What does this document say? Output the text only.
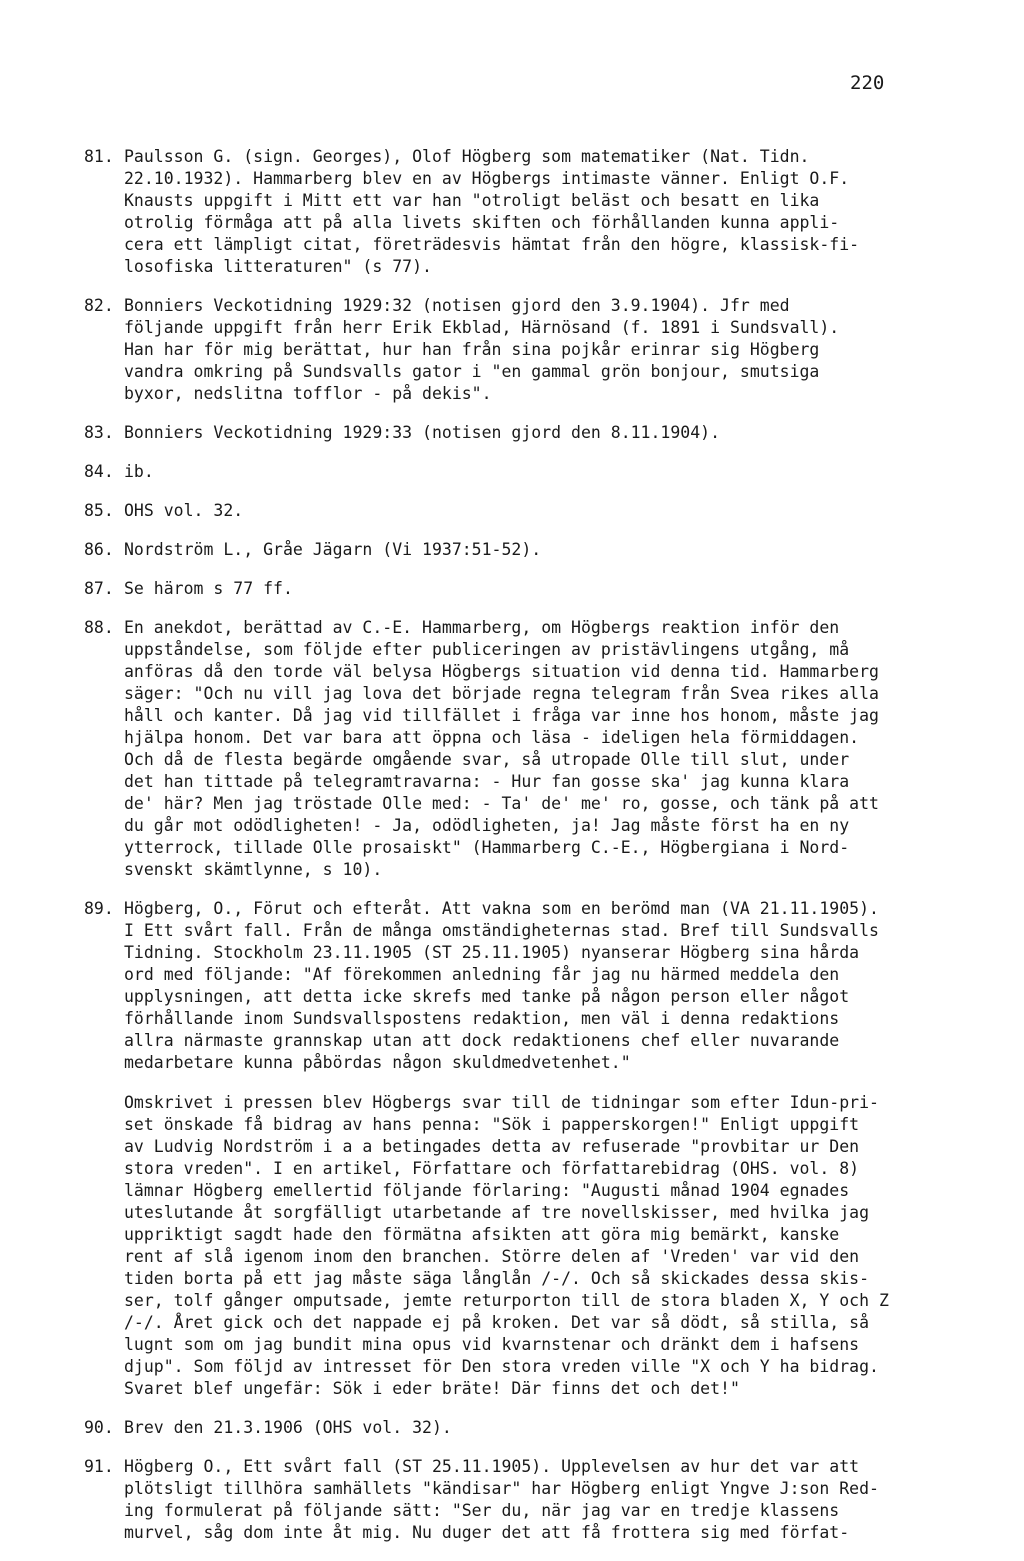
220
81. Paulsson G. (sign. Georges), Olof Högberg som matematiker (Nat. Tidn.
22.10.1932). Hammarberg blev en av Högbergs intimaste vänner. Enligt O.F.
Knausts uppgift i Mitt ett var han "otroligt beläst och besatt en lika
otrolig förmåga att på alla livets skiften och förhållanden kunna appli-
cera ett lämpligt citat, företrädesvis hämtat från den högre, klassisk-fi-
losofiska litteraturen" (s 77).
82. Bonniers Veckotidning 1929:32 (notisen gjord den 3.9.1904). Jfr med
följande uppgift från herr Erik Ekblad, Härnösand (f. 1891 i Sundsvall).
Han har för mig berättat, hur han från sina pojkår erinrar sig Högberg
vandra omkring på Sundsvalls gator i "en gammal grön bonjour, smutsiga
byxor, nedslitna tofflor - på dekis".
83. Bonniers Veckotidning 1929:33 (notisen gjord den 8.11.1904).
84. ib.
85. OHS vol. 32.
86. Nordström L., Gråe Jägarn (Vi 1937:51-52).
87. Se härom s 77 ff.
88. En anekdot, berättad av C.-E. Hammarberg, om Högbergs reaktion inför den
uppståndelse, som följde efter publiceringen av pristävlingens utgång, må
anföras då den torde väl belysa Högbergs situation vid denna tid. Hammarberg
säger: "Och nu vill jag lova det började regna telegram från Svea rikes alla
håll och kanter. Då jag vid tillfället i fråga var inne hos honom, måste jag
hjälpa honom. Det var bara att öppna och läsa - ideligen hela förmiddagen.
Och då de flesta begärde omgående svar, så utropade Olle till slut, under
det han tittade på telegramtravarna: - Hur fan gosse ska' jag kunna klara
de' här? Men jag tröstade Olle med: - Ta' de' me' ro, gosse, och tänk på att
du går mot odödligheten! - Ja, odödligheten, ja! Jag måste först ha en ny
ytterrock, tillade Olle prosaiskt" (Hammarberg C.-E., Högbergiana i Nord-
svenskt skämtlynne, s 10).
89. Högberg, O., Förut och efteråt. Att vakna som en berömd man (VA 21.11.1905).
I Ett svårt fall. Från de många omständigheternas stad. Bref till Sundsvalls
Tidning. Stockholm 23.11.1905 (ST 25.11.1905) nyanserar Högberg sina hårda
ord med följande: "Af förekommen anledning får jag nu härmed meddela den
upplysningen, att detta icke skrefs med tanke på någon person eller något
förhållande inom Sundsvallspostens redaktion, men väl i denna redaktions
allra närmaste grannskap utan att dock redaktionens chef eller nuvarande
medarbetare kunna påbördas någon skuldmedvetenhet."
Omskrivet i pressen blev Högbergs svar till de tidningar som efter Idun-pri-
set önskade få bidrag av hans penna: "Sök i papperskorgen!" Enligt uppgift
av Ludvig Nordström i a a betingades detta av refuserade "provbitar ur Den
stora vreden". I en artikel, Författare och författarebidrag (OHS. vol. 8)
lämnar Högberg emellertid följande förlaring: "Augusti månad 1904 egnades
uteslutande åt sorgfälligt utarbetande af tre novellskisser, med hvilka jag
uppriktigt sagdt hade den förmätna afsikten att göra mig bemärkt, kanske
rent af slå igenom inom den branchen. Större delen af 'Vreden' var vid den
tiden borta på ett jag måste säga långlån /-/. Och så skickades dessa skis-
ser, tolf gånger omputsade, jemte returporton till de stora bladen X, Y och Z
/-/. Året gick och det nappade ej på kroken. Det var så dödt, så stilla, så
lugnt som om jag bundit mina opus vid kvarnstenar och dränkt dem i hafsens
djup". Som följd av intresset för Den stora vreden ville "X och Y ha bidrag.
Svaret blef ungefär: Sök i eder bräte! Där finns det och det!"
90. Brev den 21.3.1906 (OHS vol. 32).
91. Högberg O., Ett svårt fall (ST 25.11.1905). Upplevelsen av hur det var att
plötsligt tillhöra samhällets "kändisar" har Högberg enligt Yngve J:son Red-
ing formulerat på följande sätt: "Ser du, när jag var en tredje klassens
murvel, såg dom inte åt mig. Nu duger det att få frottera sig med förfat-
